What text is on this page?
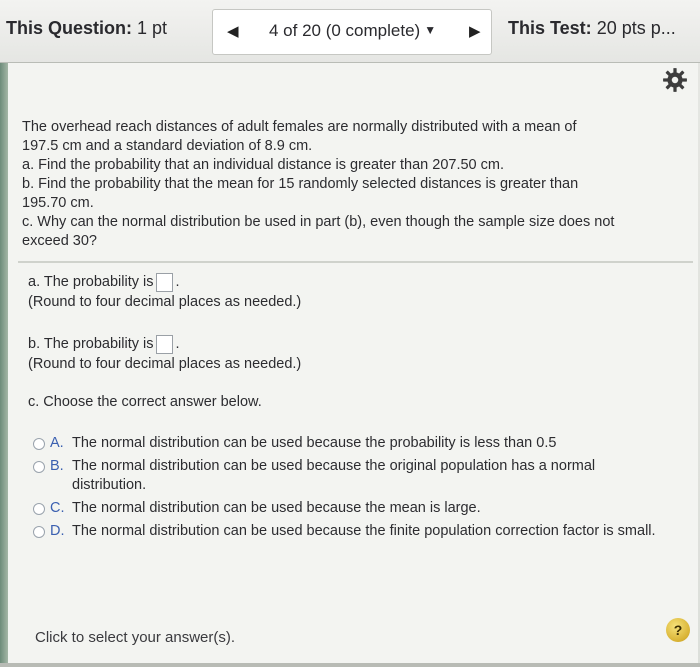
This Question: 1 pt	◀ 4 of 20 (0 complete) ▼ ▶ This Test: 20 pts p...

The overhead reach distances of adult females are normally distributed with a mean of

197.5 cm and a standard deviation of 8.9 cm.

a. Find the probability that an individual distance is greater than 207.50 cm.

b. Find the probability that the mean for 15 randomly selected distances is greater than

195.70 cm.

c. Why can the normal distribution be used in part (b), even though the sample size does not

exceed 30?

a. The probability is .
(Round to four decimal places as needed.)
b. The probability is .
(Round to four decimal places as needed.)
c. Choose the correct answer below.
A. The normal distribution can be used because the probability is less than 0.5
B. The normal distribution can be used because the original population has a normal distribution.
C. The normal distribution can be used because the mean is large.
D. The normal distribution can be used because the finite population correction factor is small.
Click to select your answer(s).	?
